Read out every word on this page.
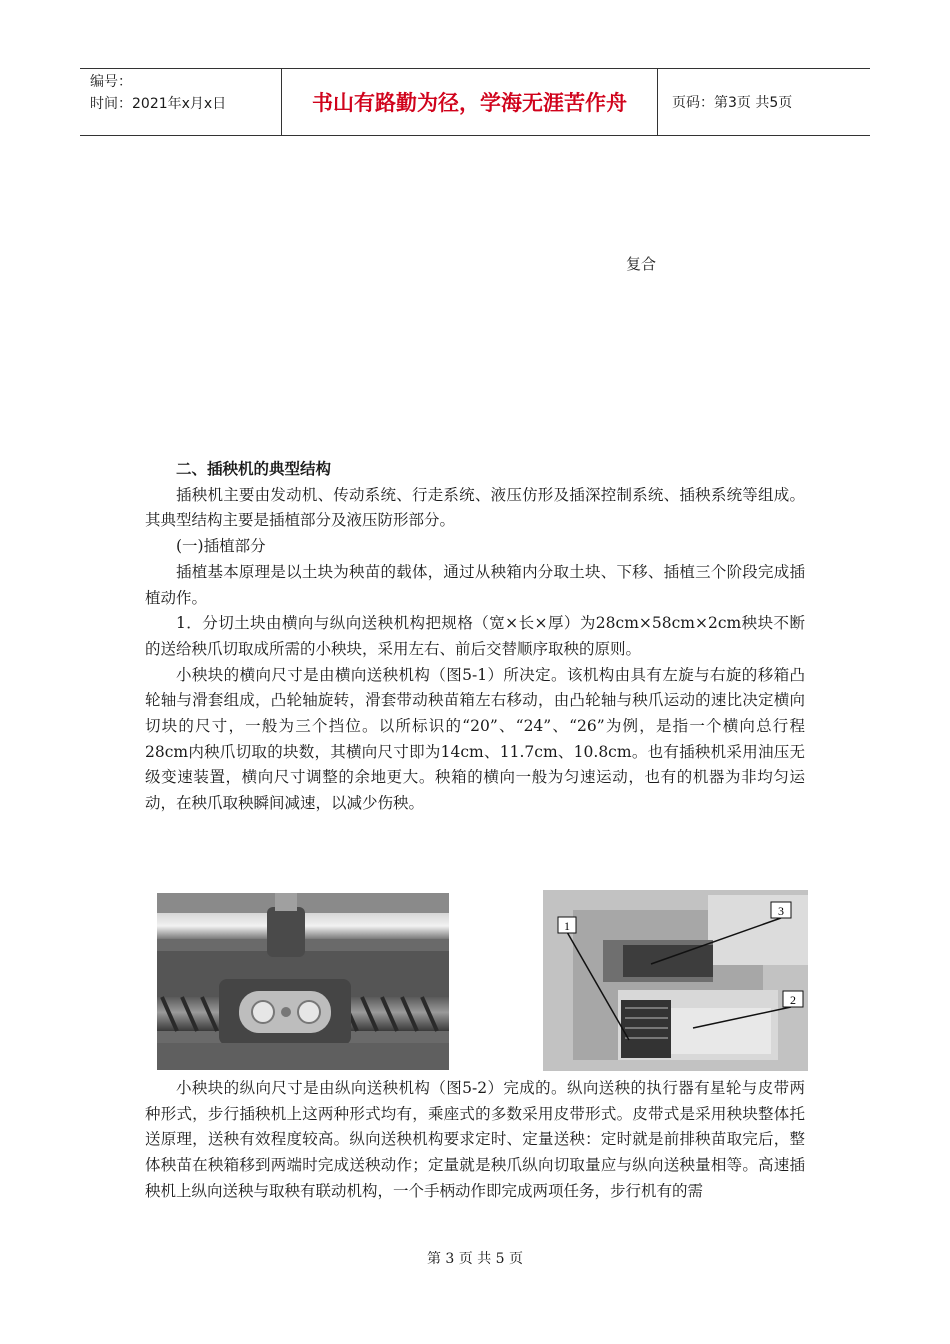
编号：
时间：2021年x月x日	书山有路勤为径，学海无涯苦作舟	页码：第3页 共5页
复合

二、插秧机的典型结构

插秧机主要由发动机、传动系统、行走系统、液压仿形及插深控制系统、插秧系统等组成。其典型结构主要是插植部分及液压防形部分。

(一)插植部分

插植基本原理是以土块为秧苗的载体，通过从秧箱内分取土块、下移、插植三个阶段完成插植动作。

1．分切土块由横向与纵向送秧机构把规格（宽×长×厚）为28cm×58cm×2cm秧块不断的送给秧爪切取成所需的小秧块，采用左右、前后交替顺序取秧的原则。

小秧块的横向尺寸是由横向送秧机构（图5-1）所决定。该机构由具有左旋与右旋的移箱凸轮轴与滑套组成，凸轮轴旋转，滑套带动秧苗箱左右移动，由凸轮轴与秧爪运动的速比决定横向切块的尺寸，一般为三个挡位。以所标识的“20”、“24”、“26”为例，是指一个横向总行程28cm内秧爪切取的块数，其横向尺寸即为14cm、11.7cm、10.8cm。也有插秧机采用油压无级变速装置，横向尺寸调整的余地更大。秧箱的横向一般为匀速运动，也有的机器为非均匀运动，在秧爪取秧瞬间减速，以减少伤秧。

1
3
2

小秧块的纵向尺寸是由纵向送秧机构（图5-2）完成的。纵向送秧的执行器有星轮与皮带两种形式，步行插秧机上这两种形式均有，乘座式的多数采用皮带形式。皮带式是采用秧块整体托送原理，送秧有效程度较高。纵向送秧机构要求定时、定量送秧：定时就是前排秧苗取完后，整体秧苗在秧箱移到两端时完成送秧动作；定量就是秧爪纵向切取量应与纵向送秧量相等。高速插秧机上纵向送秧与取秧有联动机构，一个手柄动作即完成两项任务，步行机有的需

第 3 页 共 5 页
